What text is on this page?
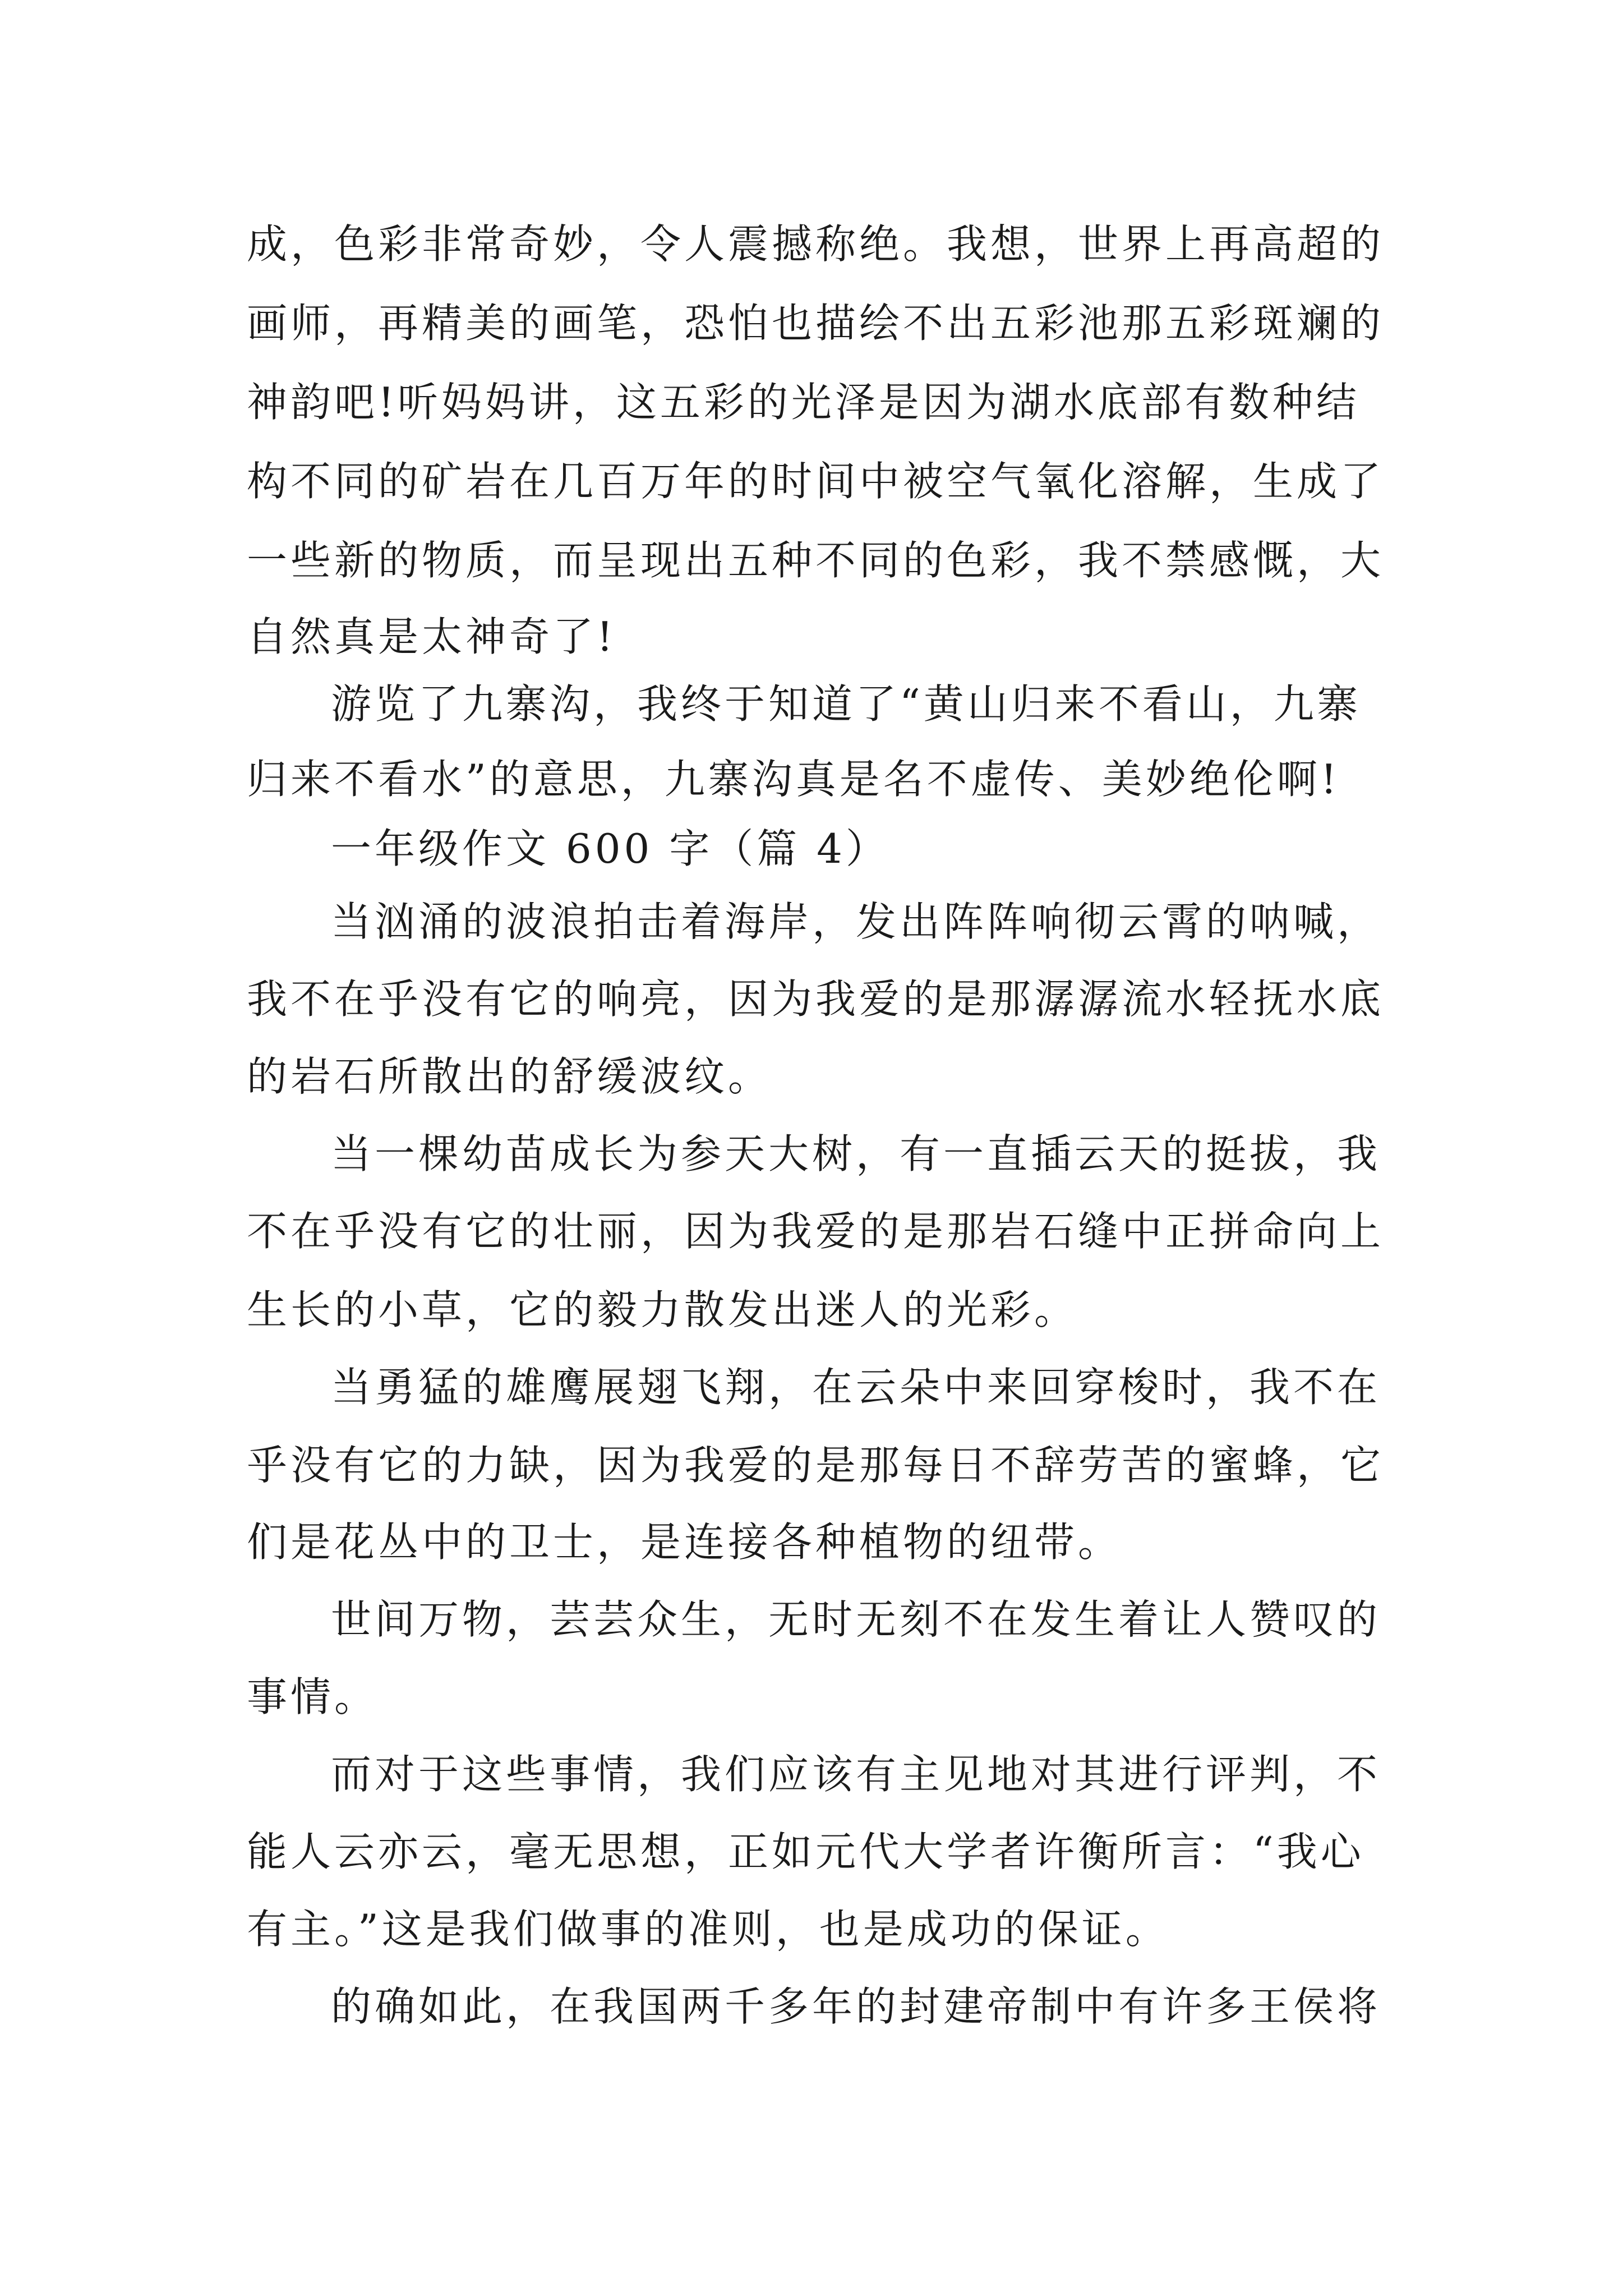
成，色彩非常奇妙，令人震撼称绝。我想，世界上再高超的
画师，再精美的画笔，恐怕也描绘不出五彩池那五彩斑斓的
神韵吧!听妈妈讲，这五彩的光泽是因为湖水底部有数种结
构不同的矿岩在几百万年的时间中被空气氧化溶解，生成了
一些新的物质，而呈现出五种不同的色彩，我不禁感慨，大
自然真是太神奇了!
游览了九寨沟，我终于知道了“黄山归来不看山，九寨
归来不看水”的意思，九寨沟真是名不虚传、美妙绝伦啊!
一年级作文 600 字（篇 4）
当汹涌的波浪拍击着海岸，发出阵阵响彻云霄的呐喊，
我不在乎没有它的响亮，因为我爱的是那潺潺流水轻抚水底
的岩石所散出的舒缓波纹。
当一棵幼苗成长为参天大树，有一直插云天的挺拔，我
不在乎没有它的壮丽，因为我爱的是那岩石缝中正拼命向上
生长的小草，它的毅力散发出迷人的光彩。
当勇猛的雄鹰展翅飞翔，在云朵中来回穿梭时，我不在
乎没有它的力缺，因为我爱的是那每日不辞劳苦的蜜蜂，它
们是花丛中的卫士，是连接各种植物的纽带。
世间万物，芸芸众生，无时无刻不在发生着让人赞叹的
事情。
而对于这些事情，我们应该有主见地对其进行评判，不
能人云亦云，毫无思想，正如元代大学者许衡所言：“我心
有主。”这是我们做事的准则，也是成功的保证。
的确如此，在我国两千多年的封建帝制中有许多王侯将
